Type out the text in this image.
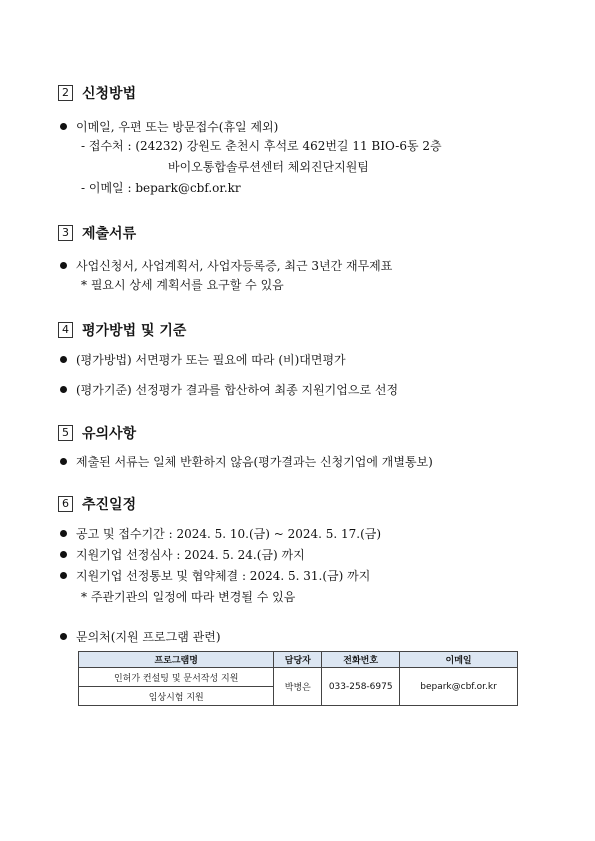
2 신청방법
이메일, 우편 또는 방문접수(휴일 제외)
- 접수처 : (24232) 강원도 춘천시 후석로 462번길 11 BIO-6동 2층
바이오통합솔루션센터 체외진단지원팀
- 이메일 : bepark@cbf.or.kr
3 제출서류
사업신청서, 사업계획서, 사업자등록증, 최근 3년간 재무제표
* 필요시 상세 계획서를 요구할 수 있음
4 평가방법 및 기준
(평가방법) 서면평가 또는 필요에 따라 (비)대면평가
(평가기준) 선정평가 결과를 합산하여 최종 지원기업으로 선정
5 유의사항
제출된 서류는 일체 반환하지 않음(평가결과는 신청기업에 개별통보)
6 추진일정
공고 및 접수기간 : 2024. 5. 10.(금) ~ 2024. 5. 17.(금)
지원기업 선정심사 : 2024. 5. 24.(금) 까지
지원기업 선정통보 및 협약체결 : 2024. 5. 31.(금) 까지
* 주관기관의 일정에 따라 변경될 수 있음
문의처(지원 프로그램 관련)
프로그램명	담당자	전화번호	이메일
인허가 컨설팅 및 문서작성 지원	박병은	033-258-6975	bepark@cbf.or.kr
임상시험 지원			
